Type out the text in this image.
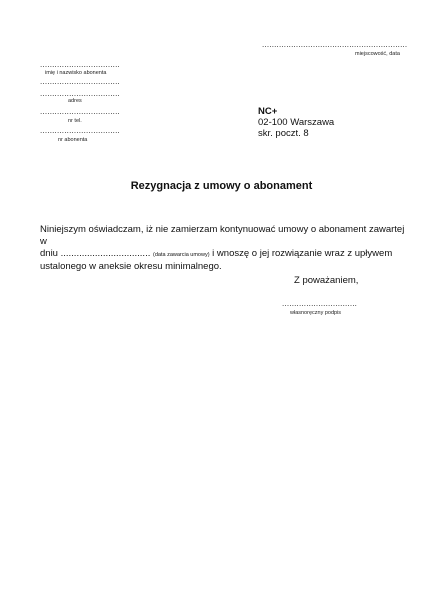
............................................................
miejscowość, data
.................................
imię i nazwisko abonenta
.................................
.................................
adres
.................................
nr tel.
.................................
nr abonenta
NC+
02-100 Warszawa
skr. poczt. 8
Rezygnacja z umowy o abonament
Niniejszym oświadczam, iż nie zamierzam kontynuować umowy o abonament zawartej w
dniu .................................. (data zawarcia umowy) i wnoszę o jej rozwiązanie wraz z upływem
ustalonego w aneksie okresu minimalnego.
Z poważaniem,
...............................
własnoręczny podpis
